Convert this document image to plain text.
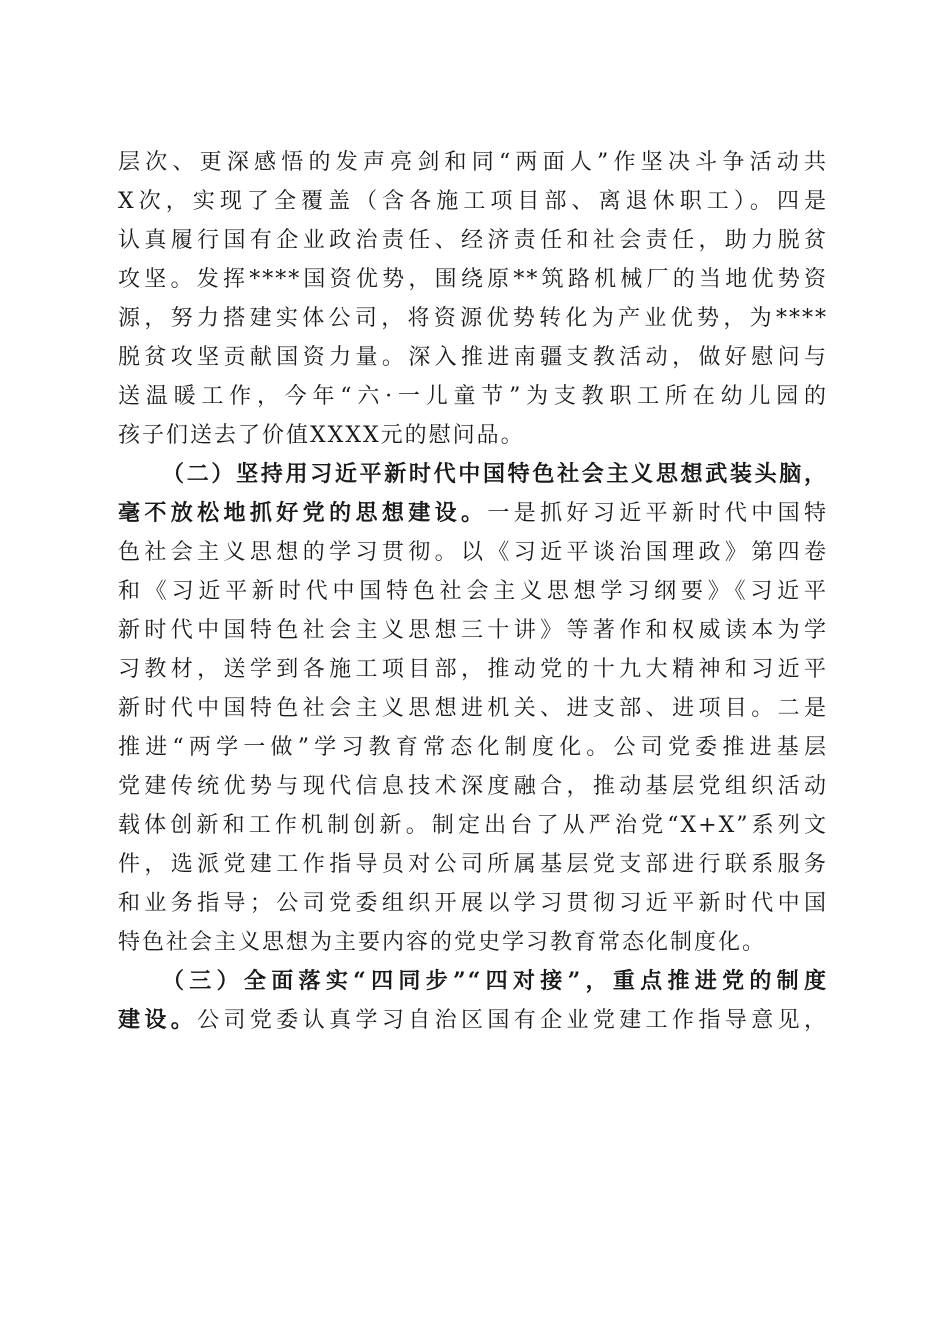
层次、更深感悟的发声亮剑和同“两面人”作坚决斗争活动共
X次，实现了全覆盖（含各施工项目部、离退休职工）。四是
认真履行国有企业政治责任、经济责任和社会责任，助力脱贫
攻坚。发挥****国资优势，围绕原**筑路机械厂的当地优势资
源，努力搭建实体公司，将资源优势转化为产业优势，为****
脱贫攻坚贡献国资力量。深入推进南疆支教活动，做好慰问与
送温暖工作，今年“六·一儿童节”为支教职工所在幼儿园的
孩子们送去了价值XXXX元的慰问品。
（二）坚持用习近平新时代中国特色社会主义思想武装头脑，
毫不放松地抓好党的思想建设。一是抓好习近平新时代中国特
色社会主义思想的学习贯彻。以《习近平谈治国理政》第四卷
和《习近平新时代中国特色社会主义思想学习纲要》《习近平
新时代中国特色社会主义思想三十讲》等著作和权威读本为学
习教材，送学到各施工项目部，推动党的十九大精神和习近平
新时代中国特色社会主义思想进机关、进支部、进项目。二是
推进“两学一做”学习教育常态化制度化。公司党委推进基层
党建传统优势与现代信息技术深度融合，推动基层党组织活动
载体创新和工作机制创新。制定出台了从严治党“X+X”系列文
件，选派党建工作指导员对公司所属基层党支部进行联系服务
和业务指导；公司党委组织开展以学习贯彻习近平新时代中国
特色社会主义思想为主要内容的党史学习教育常态化制度化。
（三）全面落实“四同步”“四对接”，重点推进党的制度
建设。公司党委认真学习自治区国有企业党建工作指导意见，
